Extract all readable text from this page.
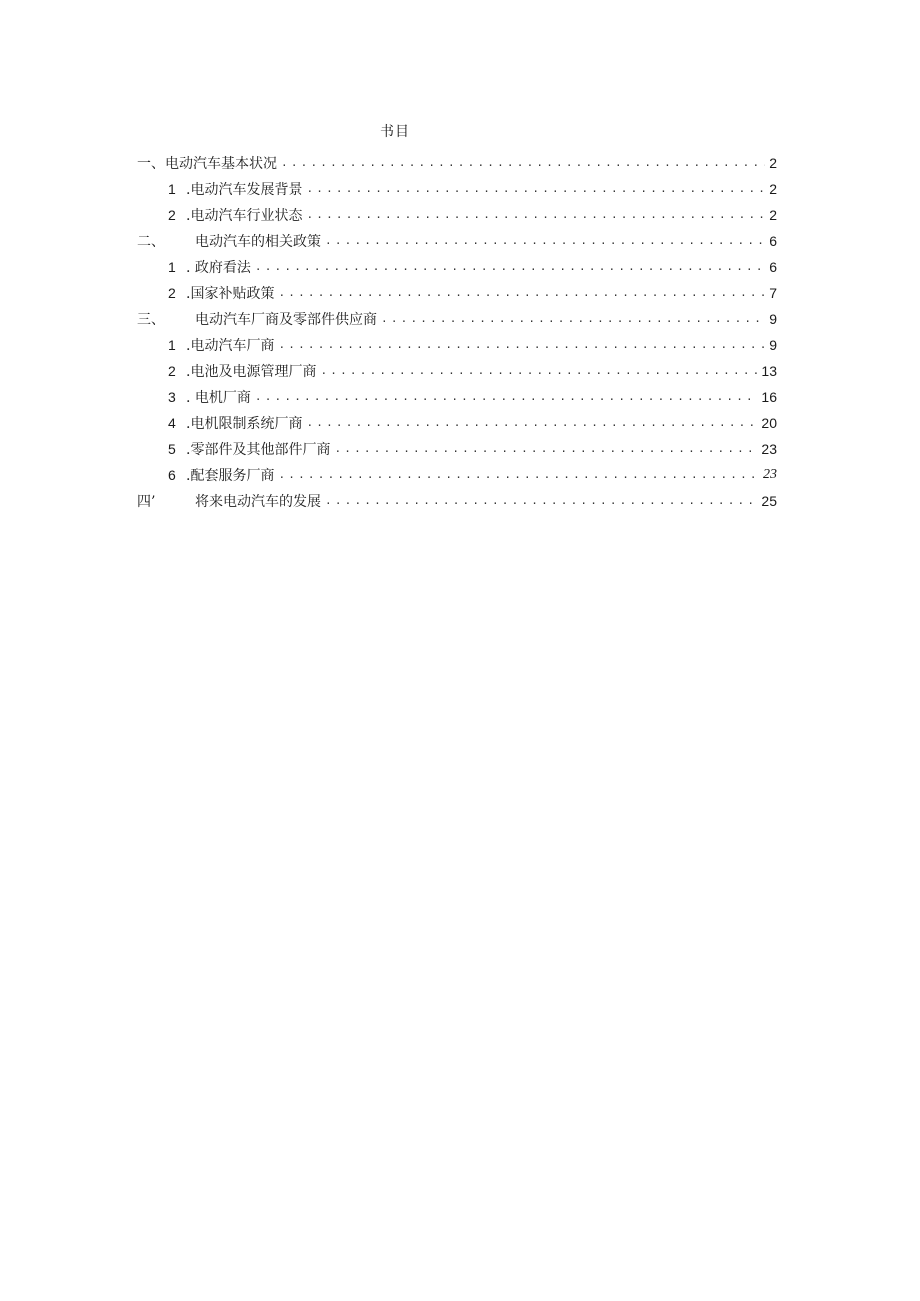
书目
一、 电动汽车基本状况 .....	2
1 .电动汽车发展背景 .....	2
2 .电动汽车行业状态 .....	2
二、	电动汽车的相关政策 .....	6
1 . 政府看法 .....	6
2 .国家补贴政策 .....	7
三、	电动汽车厂商及零部件供应商 .....	9
1 .电动汽车厂商 .....	9
2 .电池及电源管理厂商 .....	13
3 . 电机厂商 .....	16
4 .电机限制系统厂商 .....	20
5 .零部件及其他部件厂商 .....	23
6 .配套服务厂商 .....	23
四’	将来电动汽车的发展 .....	25
